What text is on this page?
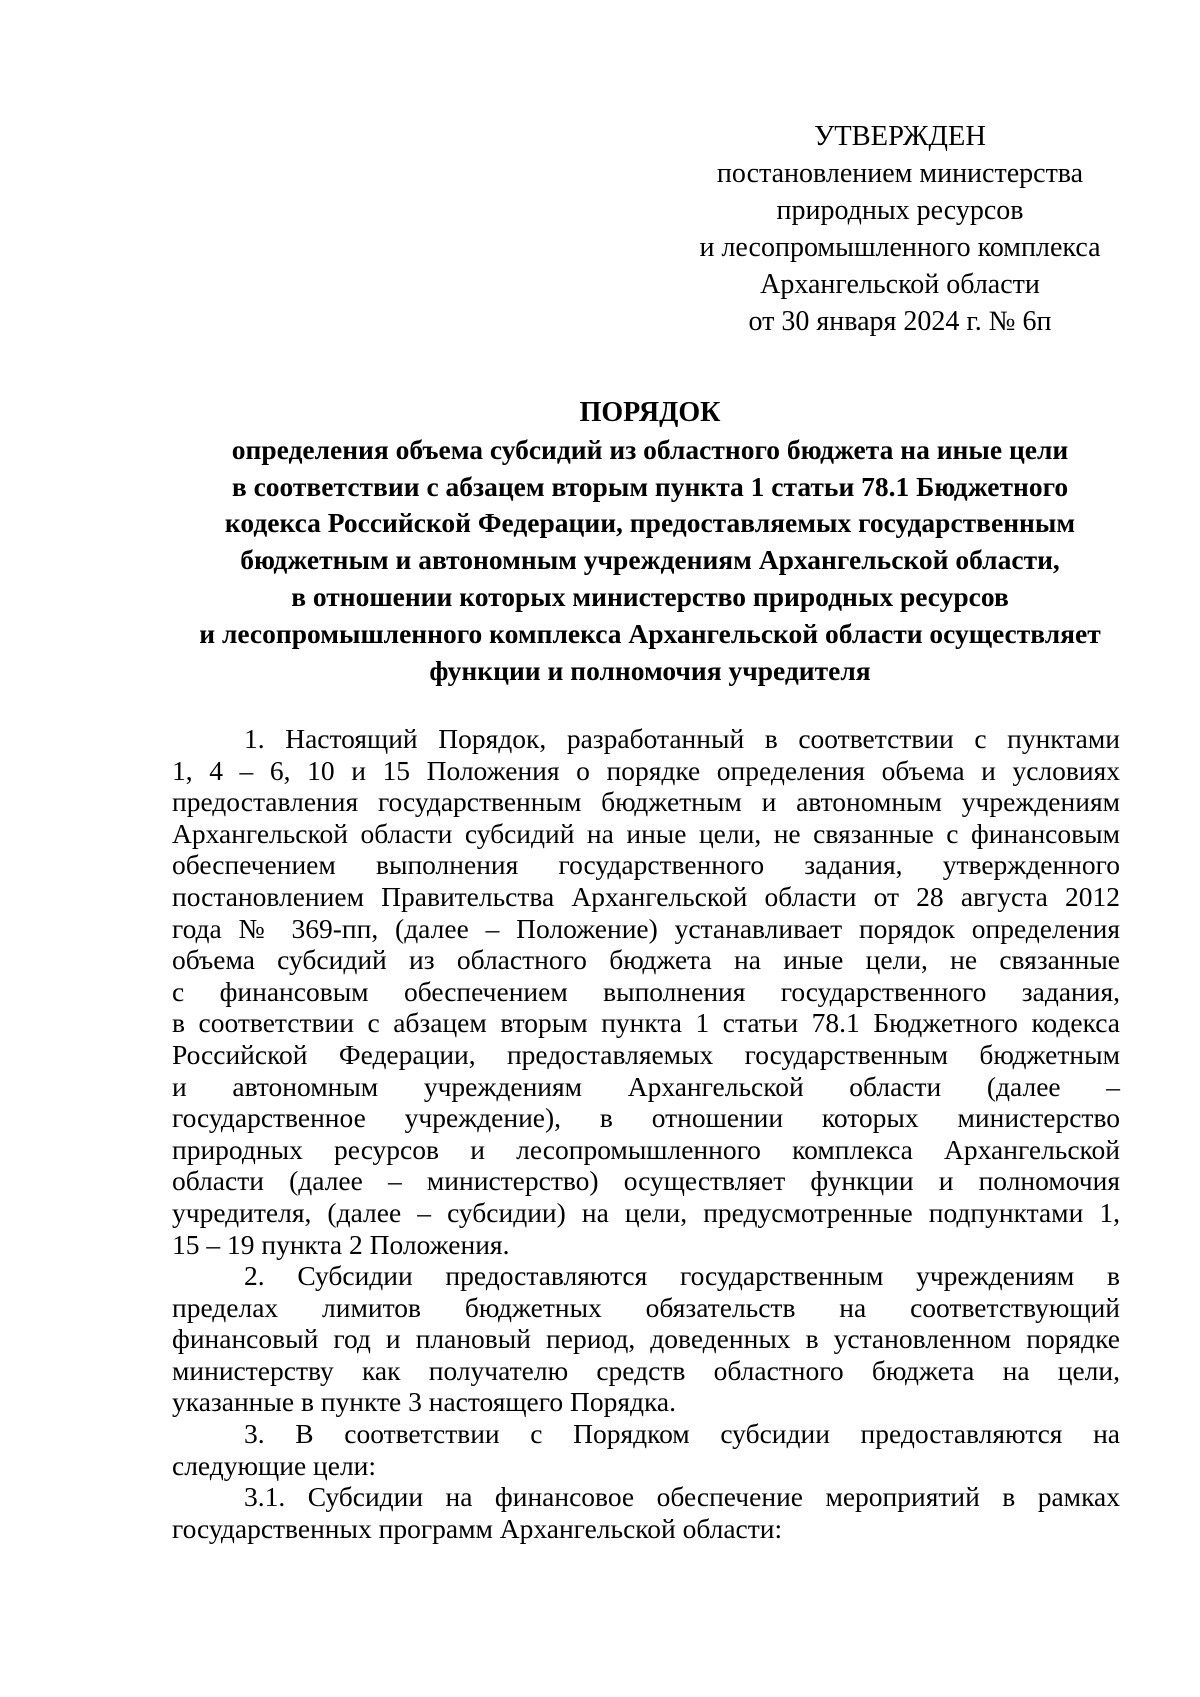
УТВЕРЖДЕН
постановлением министерства
природных ресурсов
и лесопромышленного комплекса
Архангельской области
от 30 января 2024 г. № 6п
ПОРЯДОК
определения объема субсидий из областного бюджета на иные цели
в соответствии с абзацем вторым пункта 1 статьи 78.1 Бюджетного
кодекса Российской Федерации, предоставляемых государственным
бюджетным и автономным учреждениям Архангельской области,
в отношении которых министерство природных ресурсов
и лесопромышленного комплекса Архангельской области осуществляет
функции и полномочия учредителя
1. Настоящий Порядок, разработанный в соответствии с пунктами
1, 4 – 6, 10 и 15 Положения о порядке определения объема и условиях
предоставления государственным бюджетным и автономным учреждениям
Архангельской области субсидий на иные цели, не связанные с финансовым
обеспечением выполнения государственного задания, утвержденного
постановлением Правительства Архангельской области от 28 августа 2012
года № 369-пп, (далее – Положение) устанавливает порядок определения
объема субсидий из областного бюджета на иные цели, не связанные
с финансовым обеспечением выполнения государственного задания,
в соответствии с абзацем вторым пункта 1 статьи 78.1 Бюджетного кодекса
Российской Федерации, предоставляемых государственным бюджетным
и автономным учреждениям Архангельской области (далее –
государственное учреждение), в отношении которых министерство
природных ресурсов и лесопромышленного комплекса Архангельской
области (далее – министерство) осуществляет функции и полномочия
учредителя, (далее – субсидии) на цели, предусмотренные подпунктами 1,
15 – 19 пункта 2 Положения.
2. Субсидии предоставляются государственным учреждениям в
пределах лимитов бюджетных обязательств на соответствующий
финансовый год и плановый период, доведенных в установленном порядке
министерству как получателю средств областного бюджета на цели,
указанные в пункте 3 настоящего Порядка.
3. В соответствии с Порядком субсидии предоставляются на
следующие цели:
3.1. Субсидии на финансовое обеспечение мероприятий в рамках
государственных программ Архангельской области:
